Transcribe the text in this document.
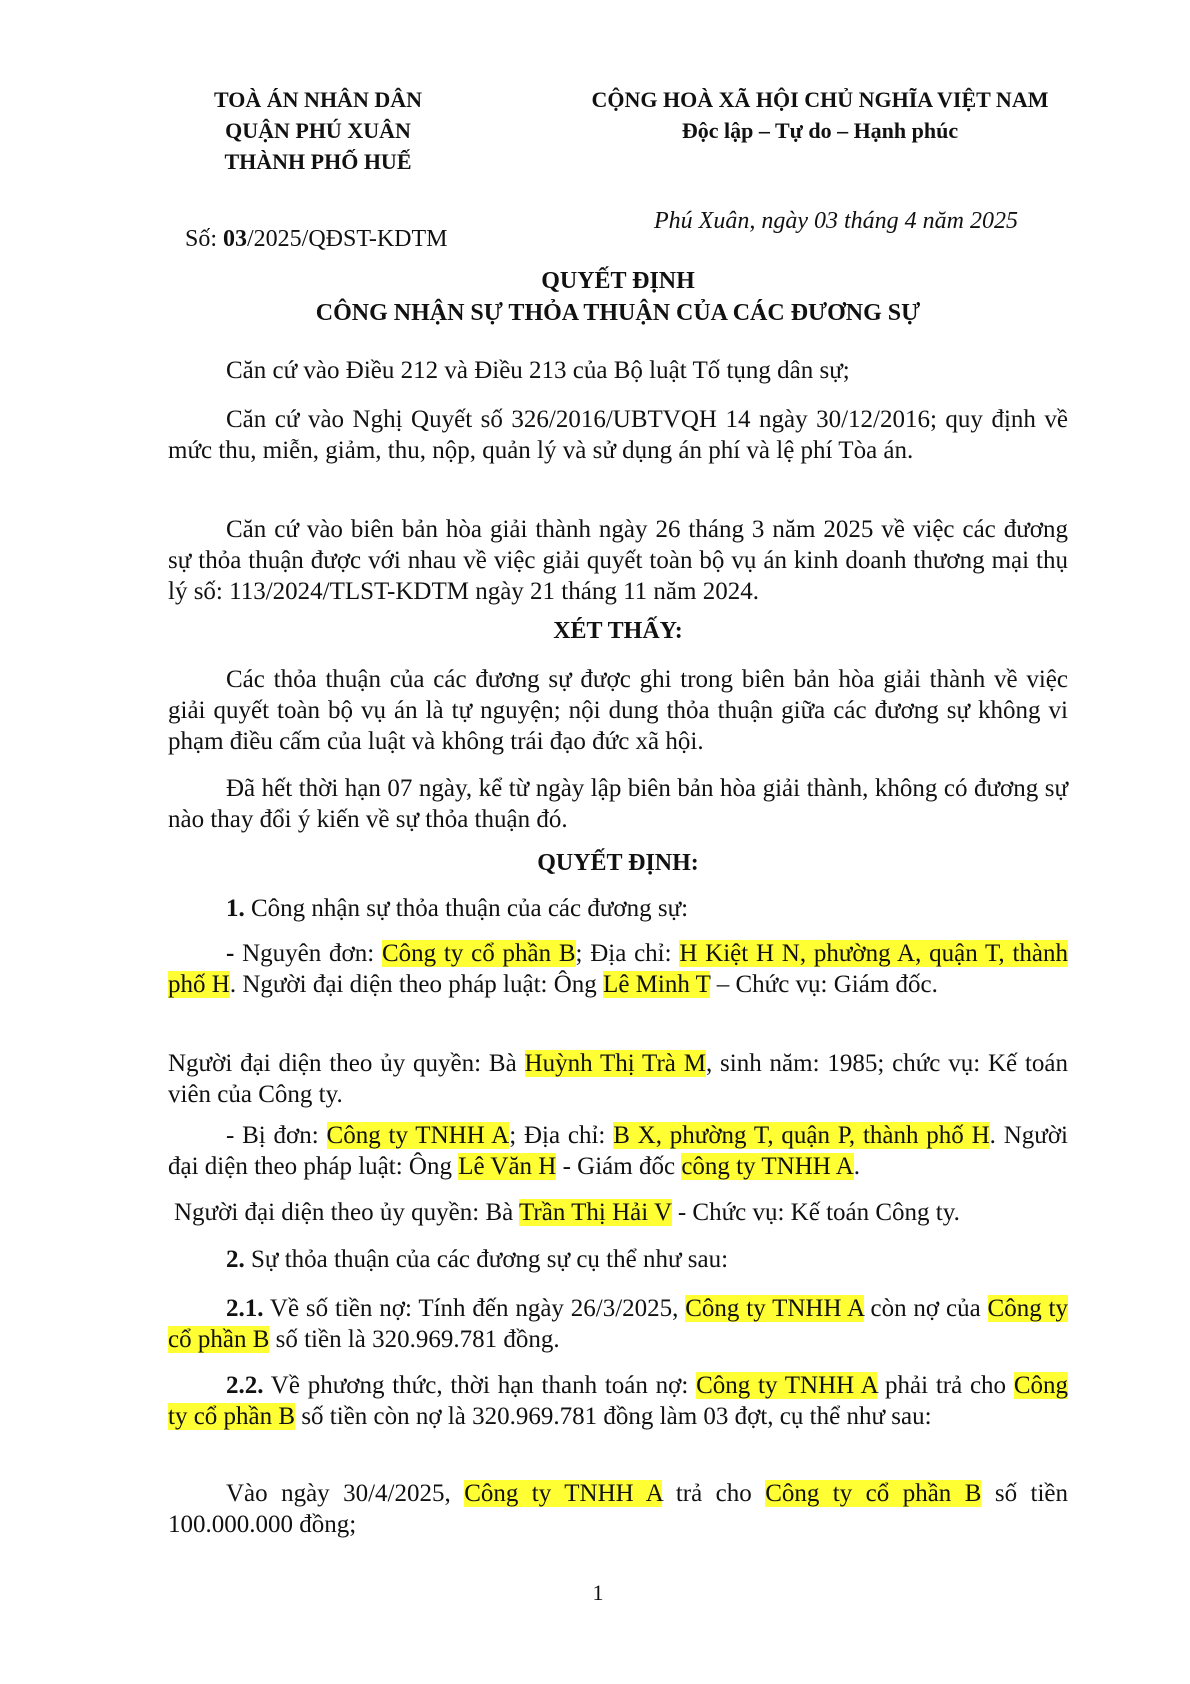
TOÀ ÁN NHÂN DÂN
QUẬN PHÚ XUÂN
THÀNH PHỐ HUẾ
CỘNG HOÀ XÃ HỘI CHỦ NGHĨA VIỆT NAM
Độc lập – Tự do – Hạnh phúc
Số: 03/2025/QĐST-KDTM
Phú Xuân, ngày 03 tháng 4 năm 2025
QUYẾT ĐỊNH
CÔNG NHẬN SỰ THỎA THUẬN CỦA CÁC ĐƯƠNG SỰ

Căn cứ vào Điều 212 và Điều 213 của Bộ luật Tố tụng dân sự;

Căn cứ vào Nghị Quyết số 326/2016/UBTVQH 14 ngày 30/12/2016; quy định về mức thu, miễn, giảm, thu, nộp, quản lý và sử dụng án phí và lệ phí Tòa án.

Căn cứ vào biên bản hòa giải thành ngày 26 tháng 3 năm 2025 về việc các đương sự thỏa thuận được với nhau về việc giải quyết toàn bộ vụ án kinh doanh thương mại thụ lý số: 113/2024/TLST-KDTM ngày 21 tháng 11 năm 2024.

XÉT THẤY:

Các thỏa thuận của các đương sự được ghi trong biên bản hòa giải thành về việc giải quyết toàn bộ vụ án là tự nguyện; nội dung thỏa thuận giữa các đương sự không vi phạm điều cấm của luật và không trái đạo đức xã hội.

Đã hết thời hạn 07 ngày, kể từ ngày lập biên bản hòa giải thành, không có đương sự nào thay đổi ý kiến về sự thỏa thuận đó.

QUYẾT ĐỊNH:

1. Công nhận sự thỏa thuận của các đương sự:

- Nguyên đơn: Công ty cổ phần B; Địa chỉ: H Kiệt H N, phường A, quận T, thành phố H. Người đại diện theo pháp luật: Ông Lê Minh T – Chức vụ: Giám đốc.

Người đại diện theo ủy quyền: Bà Huỳnh Thị Trà M, sinh năm: 1985; chức vụ: Kế toán viên của Công ty.

- Bị đơn: Công ty TNHH A; Địa chỉ: B X, phường T, quận P, thành phố H. Người đại diện theo pháp luật: Ông Lê Văn H - Giám đốc công ty TNHH A.

Người đại diện theo ủy quyền: Bà Trần Thị Hải V - Chức vụ: Kế toán Công ty.

2. Sự thỏa thuận của các đương sự cụ thể như sau:

2.1. Về số tiền nợ: Tính đến ngày 26/3/2025, Công ty TNHH A còn nợ của Công ty cổ phần B số tiền là 320.969.781 đồng.

2.2. Về phương thức, thời hạn thanh toán nợ: Công ty TNHH A phải trả cho Công ty cổ phần B số tiền còn nợ là 320.969.781 đồng làm 03 đợt, cụ thể như sau:

Vào ngày 30/4/2025, Công ty TNHH A trả cho Công ty cổ phần B số tiền 100.000.000 đồng;

1
